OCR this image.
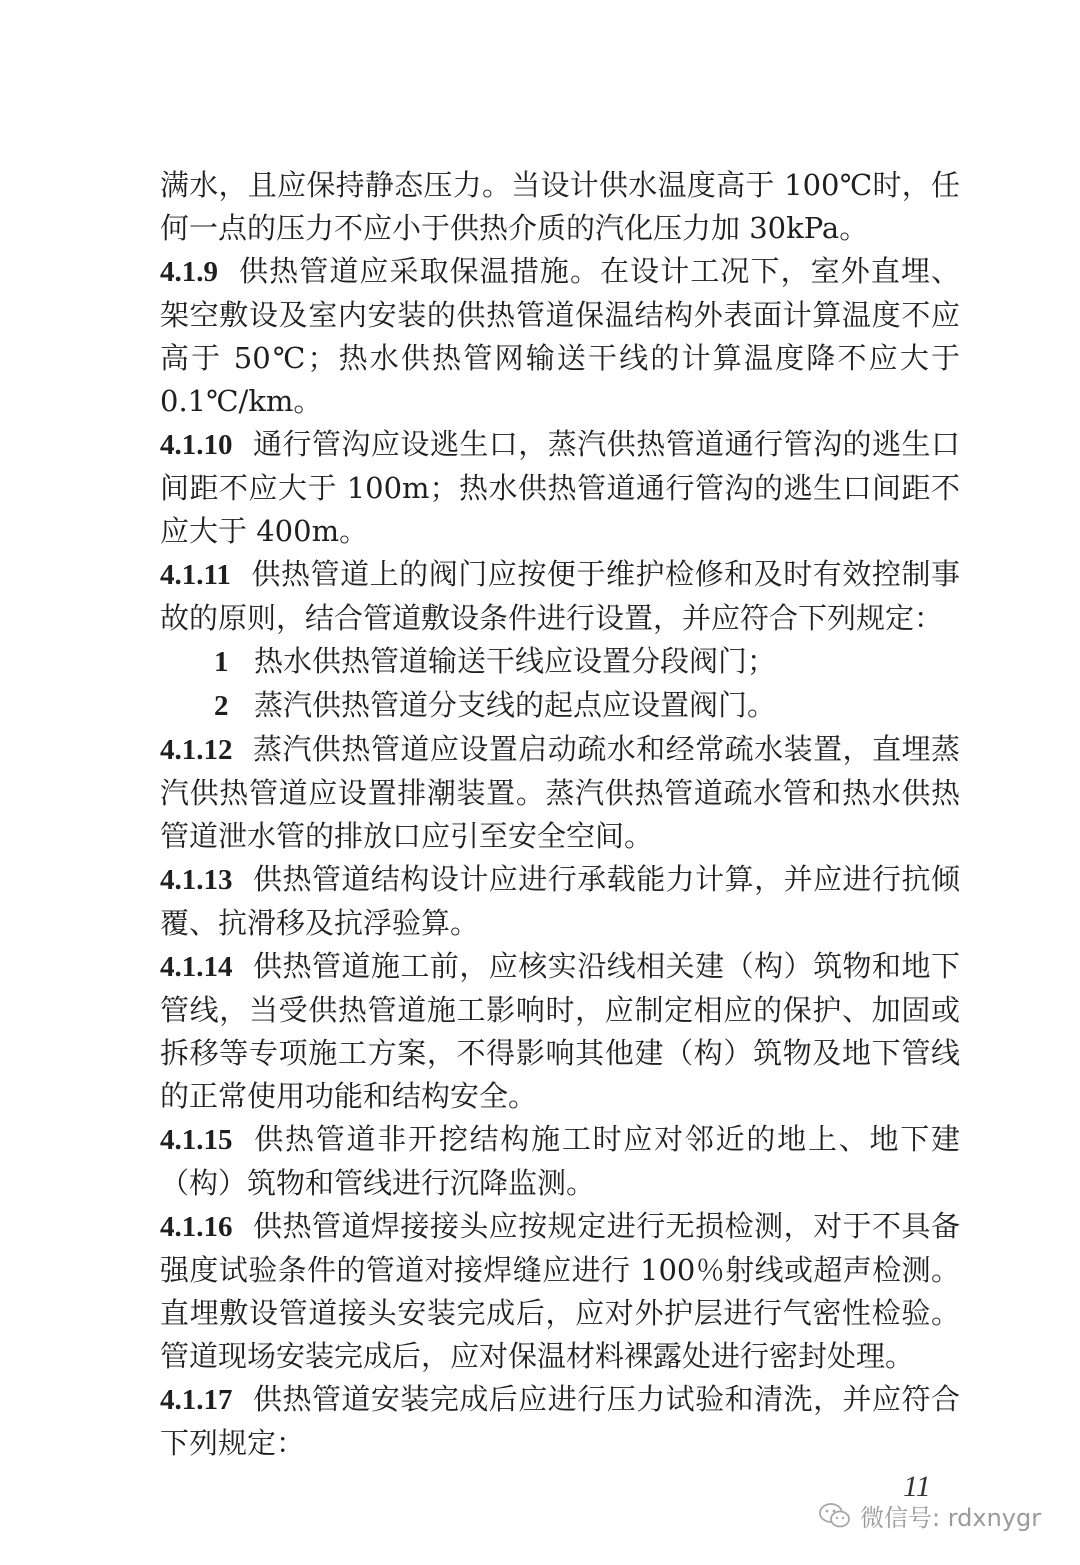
满水，且应保持静态压力。当设计供水温度高于 100℃时，任何一点的压力不应小于供热介质的汽化压力加 30kPa。

4.1.9 供热管道应采取保温措施。在设计工况下，室外直埋、架空敷设及室内安装的供热管道保温结构外表面计算温度不应高于 50℃；热水供热管网输送干线的计算温度降不应大于 0.1℃/km。

4.1.10 通行管沟应设逃生口，蒸汽供热管道通行管沟的逃生口间距不应大于 100m；热水供热管道通行管沟的逃生口间距不应大于 400m。

4.1.11 供热管道上的阀门应按便于维护检修和及时有效控制事故的原则，结合管道敷设条件进行设置，并应符合下列规定：

1 热水供热管道输送干线应设置分段阀门；

2 蒸汽供热管道分支线的起点应设置阀门。

4.1.12 蒸汽供热管道应设置启动疏水和经常疏水装置，直埋蒸汽供热管道应设置排潮装置。蒸汽供热管道疏水管和热水供热管道泄水管的排放口应引至安全空间。

4.1.13 供热管道结构设计应进行承载能力计算，并应进行抗倾覆、抗滑移及抗浮验算。

4.1.14 供热管道施工前，应核实沿线相关建（构）筑物和地下管线，当受供热管道施工影响时，应制定相应的保护、加固或拆移等专项施工方案，不得影响其他建（构）筑物及地下管线的正常使用功能和结构安全。

4.1.15 供热管道非开挖结构施工时应对邻近的地上、地下建（构）筑物和管线进行沉降监测。

4.1.16 供热管道焊接接头应按规定进行无损检测，对于不具备强度试验条件的管道对接焊缝应进行 100％射线或超声检测。直埋敷设管道接头安装完成后，应对外护层进行气密性检验。管道现场安装完成后，应对保温材料裸露处进行密封处理。

4.1.17 供热管道安装完成后应进行压力试验和清洗，并应符合下列规定：

11
微信号: rdxnygr
